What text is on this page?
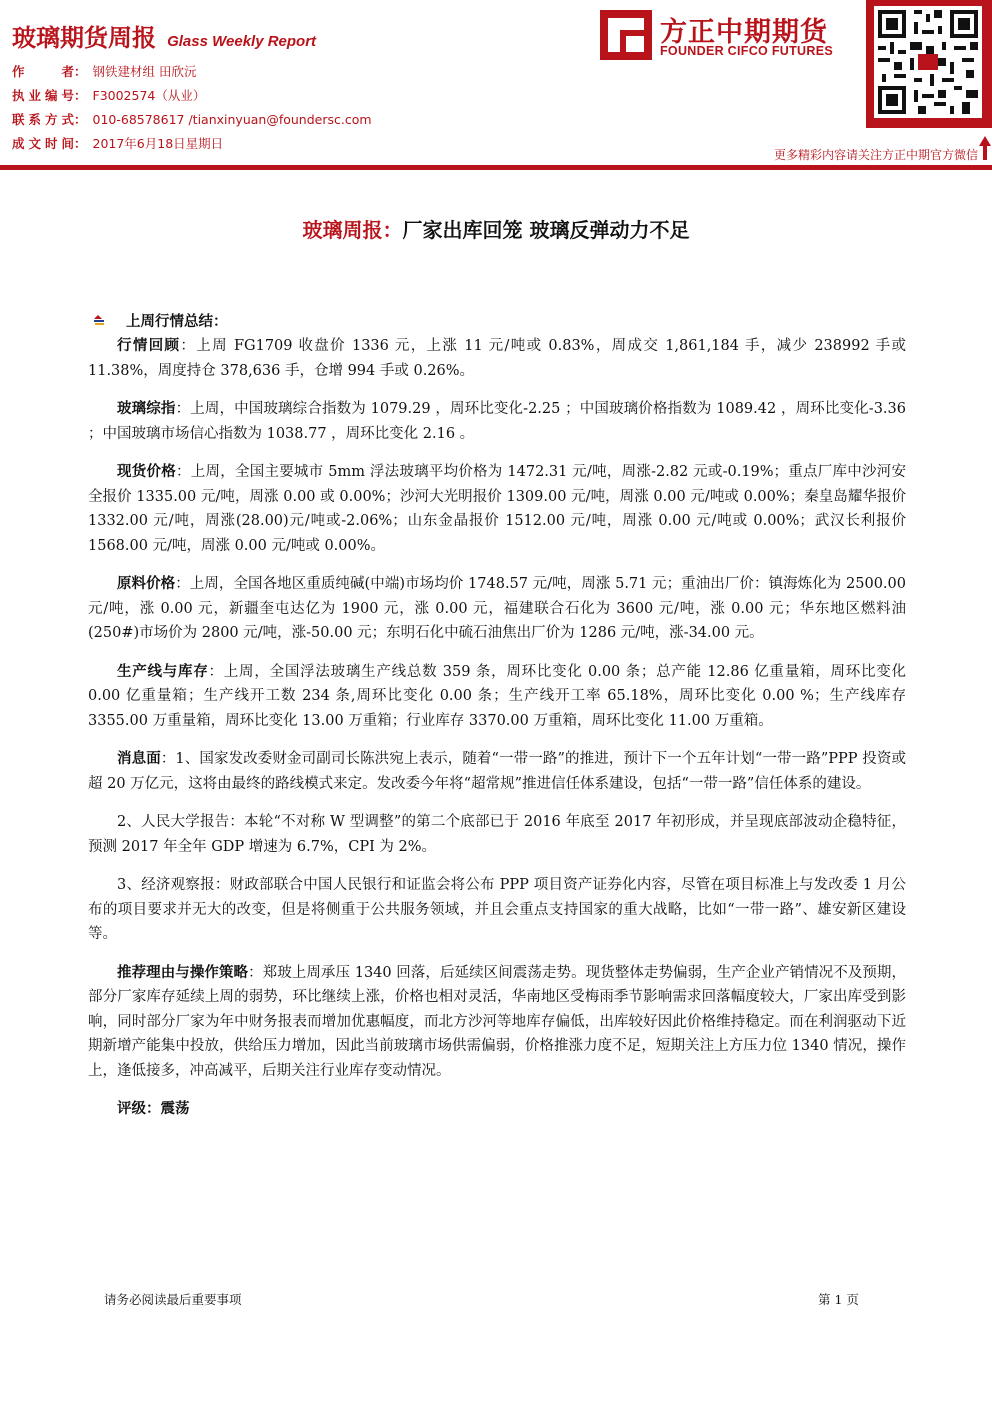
玻璃期货周报 Glass Weekly Report
作者： 钢铁建材组 田欣沅
执业编号： F3002574（从业）
联系方式： 010-68578617 /tianxinyuan@foundersc.com
成文时间： 2017年6月18日星期日
方正中期期货
FOUNDER CIFCO FUTURES
更多精彩内容请关注方正中期官方微信
玻璃周报：厂家出库回笼 玻璃反弹动力不足
上周行情总结：

行情回顾：上周 FG1709 收盘价 1336 元，上涨 11 元/吨或 0.83%，周成交 1,861,184 手，减少 238992 手或 11.38%，周度持仓 378,636 手，仓增 994 手或 0.26%。

玻璃综指：上周，中国玻璃综合指数为 1079.29 ，周环比变化-2.25 ；中国玻璃价格指数为 1089.42 ，周环比变化-3.36 ；中国玻璃市场信心指数为 1038.77 ，周环比变化 2.16 。

现货价格：上周，全国主要城市 5mm 浮法玻璃平均价格为 1472.31 元/吨，周涨-2.82 元或-0.19%；重点厂库中沙河安全报价 1335.00 元/吨，周涨 0.00 或 0.00%；沙河大光明报价 1309.00 元/吨，周涨 0.00 元/吨或 0.00%；秦皇岛耀华报价 1332.00 元/吨，周涨(28.00)元/吨或-2.06%；山东金晶报价 1512.00 元/吨，周涨 0.00 元/吨或 0.00%；武汉长利报价 1568.00 元/吨，周涨 0.00 元/吨或 0.00%。

原料价格：上周，全国各地区重质纯碱(中端)市场均价 1748.57 元/吨，周涨 5.71 元；重油出厂价：镇海炼化为 2500.00 元/吨，涨 0.00 元，新疆奎屯达亿为 1900 元，涨 0.00 元，福建联合石化为 3600 元/吨，涨 0.00 元；华东地区燃料油(250#)市场价为 2800 元/吨，涨-50.00 元；东明石化中硫石油焦出厂价为 1286 元/吨，涨-34.00 元。

生产线与库存：上周，全国浮法玻璃生产线总数 359 条，周环比变化 0.00 条；总产能 12.86 亿重量箱，周环比变化 0.00 亿重量箱；生产线开工数 234 条,周环比变化 0.00 条；生产线开工率 65.18%，周环比变化 0.00 %；生产线库存 3355.00 万重量箱，周环比变化 13.00 万重箱；行业库存 3370.00 万重箱，周环比变化 11.00 万重箱。

消息面：1、国家发改委财金司副司长陈洪宛上表示，随着“一带一路”的推进，预计下一个五年计划“一带一路”PPP 投资或超 20 万亿元，这将由最终的路线模式来定。发改委今年将“超常规”推进信任体系建设，包括“一带一路”信任体系的建设。

2、人民大学报告：本轮“不对称 W 型调整”的第二个底部已于 2016 年底至 2017 年初形成，并呈现底部波动企稳特征，预测 2017 年全年 GDP 增速为 6.7%，CPI 为 2%。

3、经济观察报：财政部联合中国人民银行和证监会将公布 PPP 项目资产证券化内容，尽管在项目标准上与发改委 1 月公布的项目要求并无大的改变，但是将侧重于公共服务领域，并且会重点支持国家的重大战略，比如“一带一路”、雄安新区建设等。

推荐理由与操作策略：郑玻上周承压 1340 回落，后延续区间震荡走势。现货整体走势偏弱，生产企业产销情况不及预期，部分厂家库存延续上周的弱势，环比继续上涨，价格也相对灵活，华南地区受梅雨季节影响需求回落幅度较大，厂家出库受到影响，同时部分厂家为年中财务报表而增加优惠幅度，而北方沙河等地库存偏低，出库较好因此价格维持稳定。而在利润驱动下近期新增产能集中投放，供给压力增加，因此当前玻璃市场供需偏弱，价格推涨力度不足，短期关注上方压力位 1340 情况，操作上，逢低接多，冲高减平，后期关注行业库存变动情况。

评级：震荡

请务必阅读最后重要事项	第 1 页
